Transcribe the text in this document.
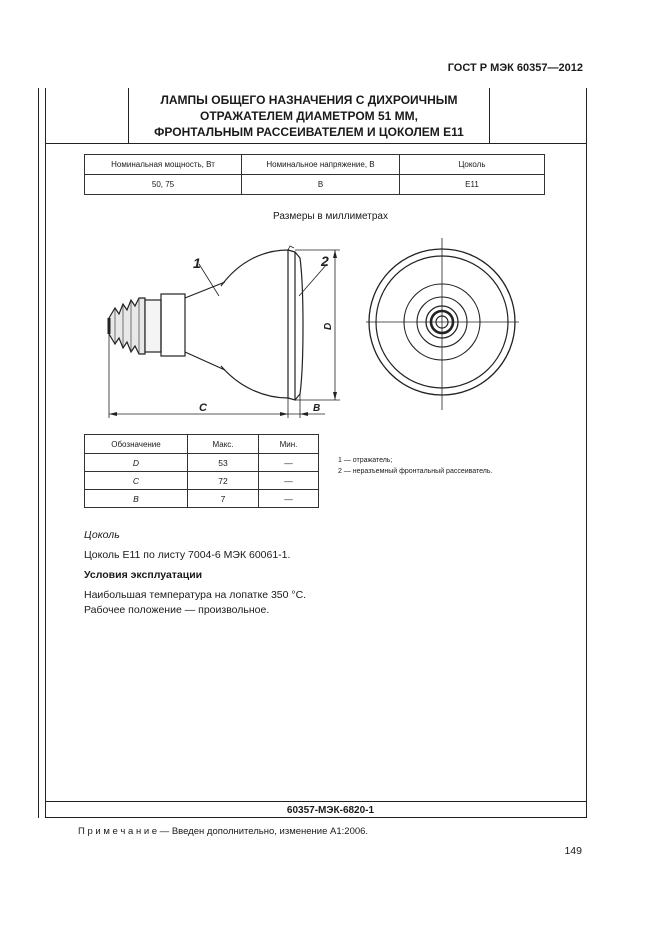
ГОСТ Р МЭК 60357—2012
ЛАМПЫ ОБЩЕГО НАЗНАЧЕНИЯ С ДИХРОИЧНЫМ
ОТРАЖАТЕЛЕМ ДИАМЕТРОМ 51 ММ,
ФРОНТАЛЬНЫМ РАССЕИВАТЕЛЕМ И ЦОКОЛЕМ Е11
Номинальная мощность, Вт	Номинальное напряжение, В	Цоколь
50, 75	В	E11
Размеры в миллиметрах
1	2
C	B
D
Обозначение	Макс.	Мин.
D	53	—
C	72	—
B	7	—
1 — отражатель;
2 — неразъемный фронтальный рассеиватель.
Цоколь
Цоколь E11 по листу 7004-6 МЭК 60061-1.
Условия эксплуатации
Наибольшая температура на лопатке 350 °С.
Рабочее положение — произвольное.
60357-МЭК-6820-1
П р и м е ч а н и е — Введен дополнительно, изменение А1:2006.
149
